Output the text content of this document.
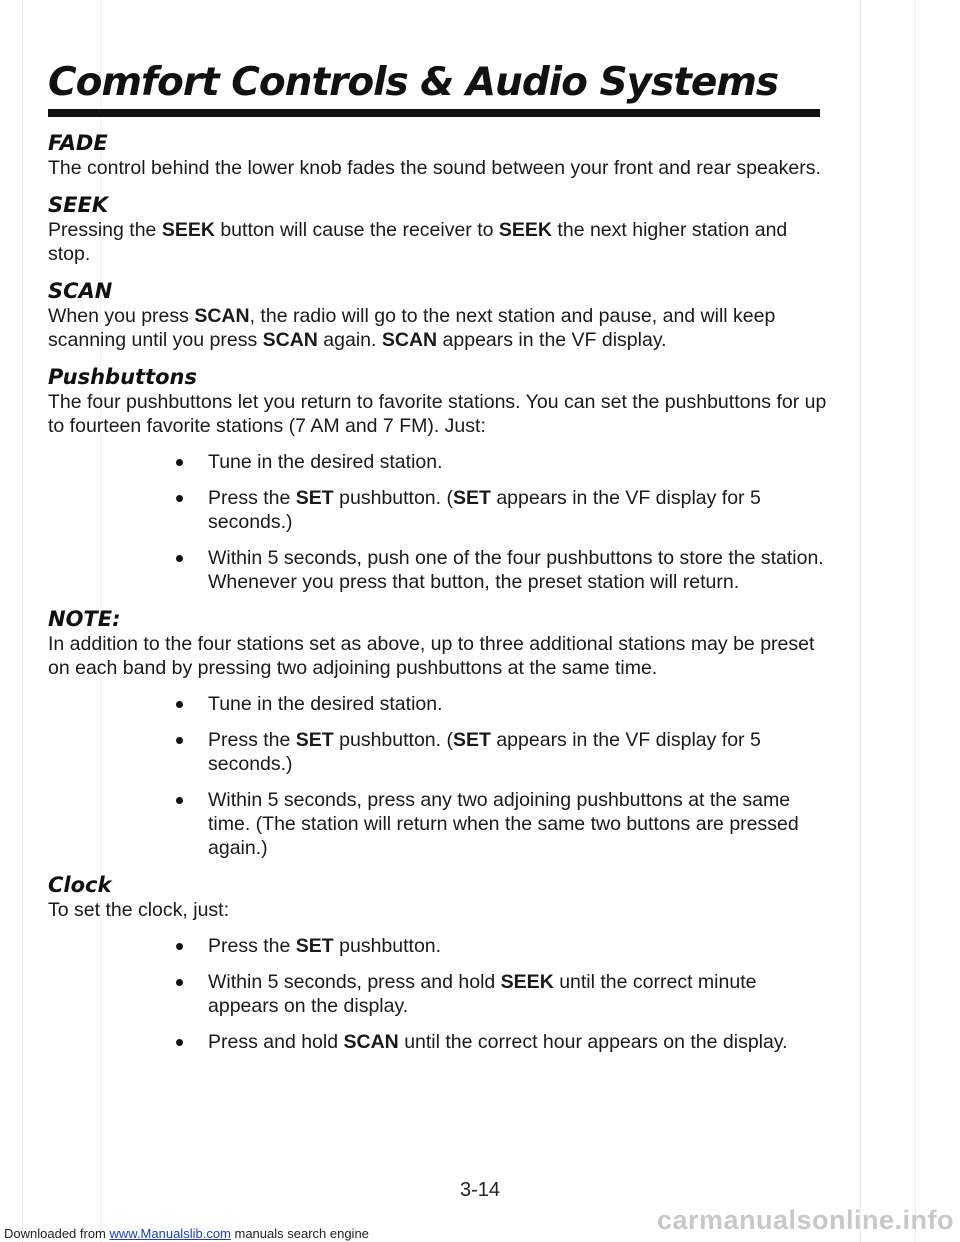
Comfort Controls & Audio Systems
FADE

The control behind the lower knob fades the sound between your front and rear speakers.

SEEK

Pressing the SEEK button will cause the receiver to SEEK the next higher station and stop.

SCAN

When you press SCAN, the radio will go to the next station and pause, and will keep scanning until you press SCAN again. SCAN appears in the VF display.

Pushbuttons

The four pushbuttons let you return to favorite stations. You can set the pushbuttons for up to fourteen favorite stations (7 AM and 7 FM). Just:

Tune in the desired station.
Press the SET pushbutton. (SET appears in the VF display for 5 seconds.)
Within 5 seconds, push one of the four pushbuttons to store the station. Whenever you press that button, the preset station will return.
NOTE:

In addition to the four stations set as above, up to three additional stations may be preset on each band by pressing two adjoining pushbuttons at the same time.

Tune in the desired station.
Press the SET pushbutton. (SET appears in the VF display for 5 seconds.)
Within 5 seconds, press any two adjoining pushbuttons at the same time. (The station will return when the same two buttons are pressed again.)
Clock

To set the clock, just:

Press the SET pushbutton.
Within 5 seconds, press and hold SEEK until the correct minute appears on the display.
Press and hold SCAN until the correct hour appears on the display.
3-14
carmanualsonline.info
Downloaded from www.Manualslib.com manuals search engine
